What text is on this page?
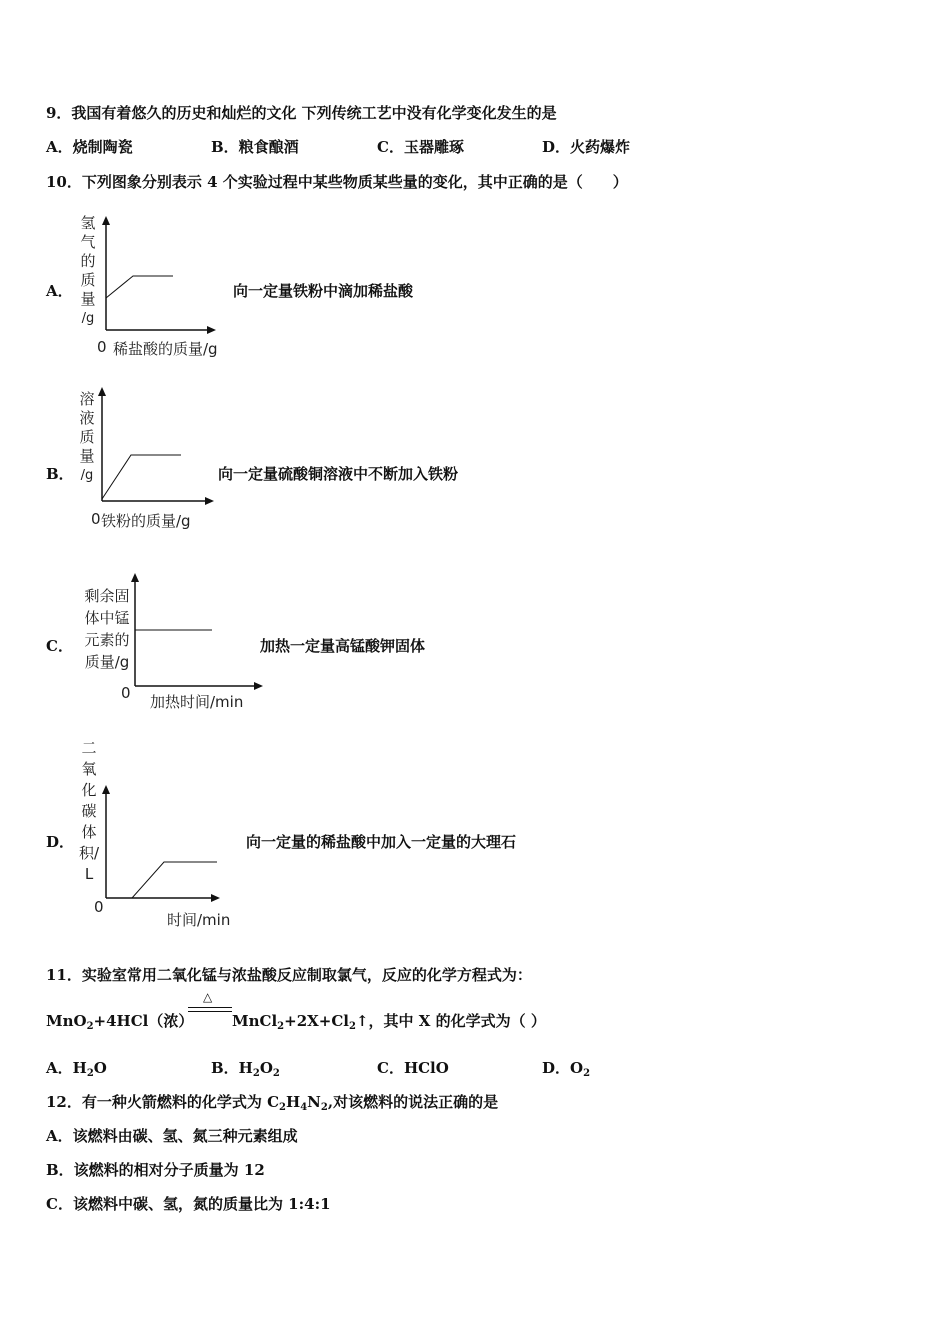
9．我国有着悠久的历史和灿烂的文化 下列传统工艺中没有化学变化发生的是
A．烧制陶瓷	B．粮食酿酒	C．玉器雕琢	D．火药爆炸
10．下列图象分别表示 4 个实验过程中某些物质某些量的变化，其中正确的是（　　）
A．
氢
气
的
质
量
/g
0 稀盐酸的质量/g
向一定量铁粉中滴加稀盐酸
B．
溶
液
质
量
/g
0 铁粉的质量/g
向一定量硫酸铜溶液中不断加入铁粉
C．
剩余固
体中锰
元素的
质量/g
0 加热时间/min
加热一定量高锰酸钾固体
D．
二
氧
化
碳
体
积/
L
0
时间/min
向一定量的稀盐酸中加入一定量的大理石
11．实验室常用二氧化锰与浓盐酸反应制取氯气，反应的化学方程式为：
MnO$_2$+4HCl（浓）
△
$MnCl_2+2X+Cl_2↑$，其中 X 的化学式为（ ）
A．$H_2O$	B．$H_2O_2$	C．HClO	D．$O_2$
12．有一种火箭燃料的化学式为 $C_2H_4N_2$,对该燃料的说法正确的是
A．该燃料由碳、氢、氮三种元素组成
B．该燃料的相对分子质量为 12
C．该燃料中碳、氢，氮的质量比为 1:4:1
